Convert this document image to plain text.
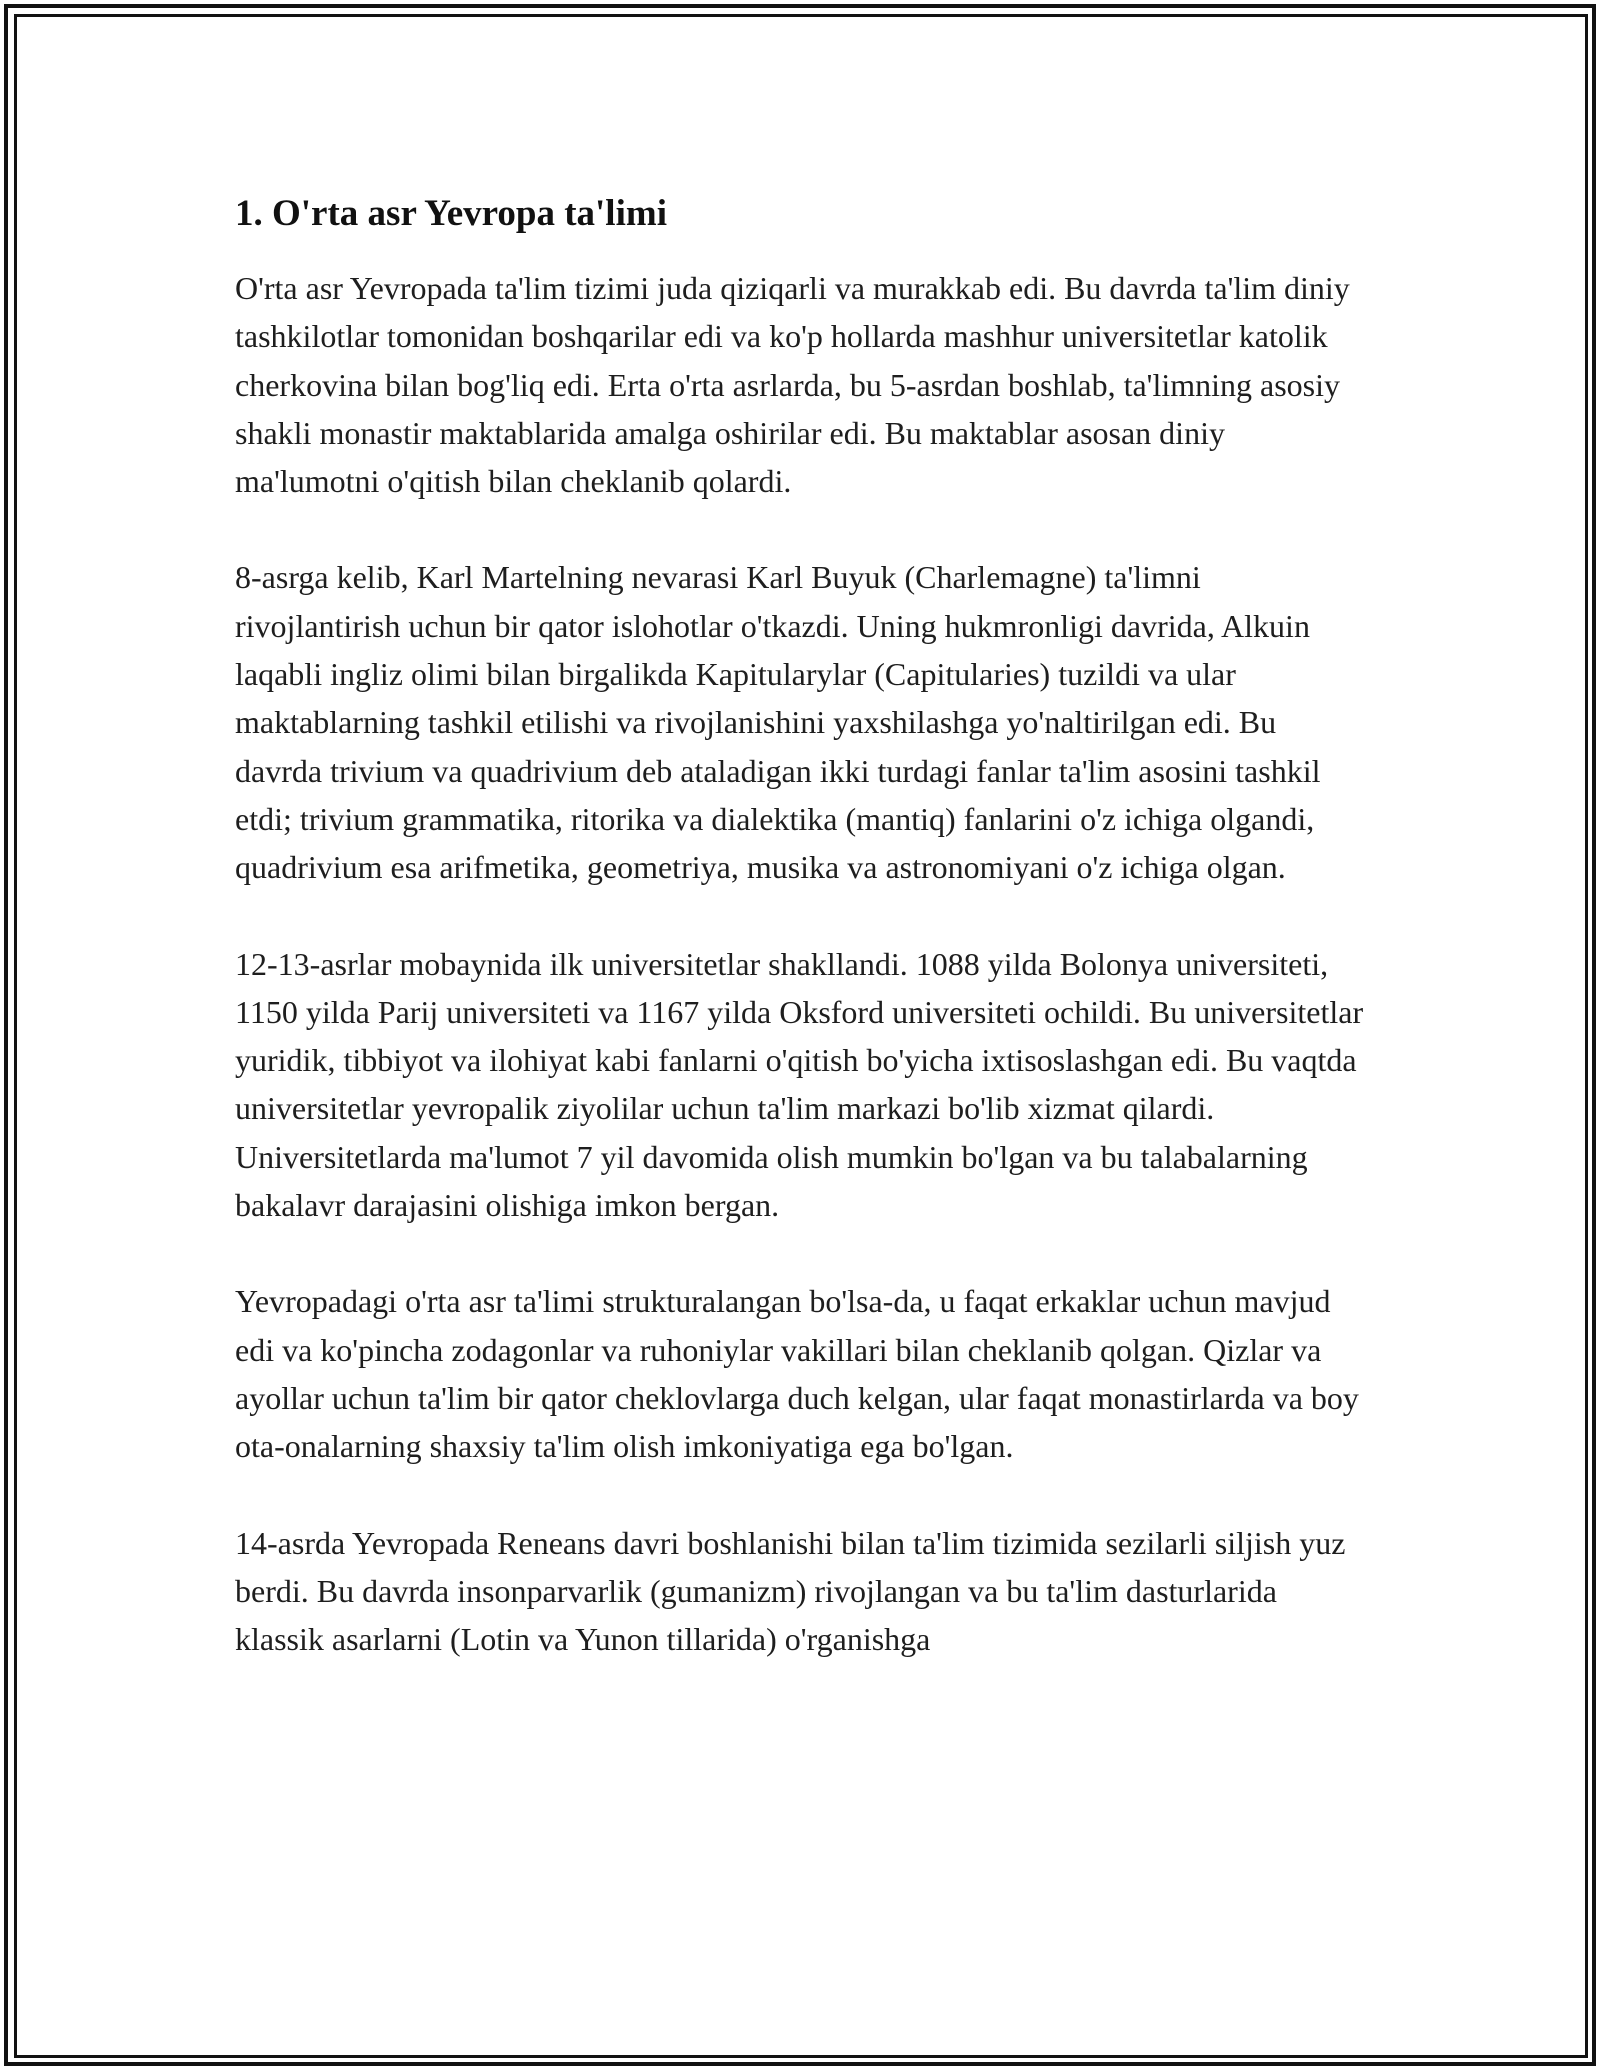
1. O'rta asr Yevropa ta'limi

O'rta asr Yevropada ta'lim tizimi juda qiziqarli va murakkab edi. Bu davrda ta'lim diniy tashkilotlar tomonidan boshqarilar edi va ko'p hollarda mashhur universitetlar katolik cherkovina bilan bog'liq edi. Erta o'rta asrlarda, bu 5-asrdan boshlab, ta'limning asosiy shakli monastir maktablarida amalga oshirilar edi. Bu maktablar asosan diniy ma'lumotni o'qitish bilan cheklanib qolardi.

8-asrga kelib, Karl Martelning nevarasi Karl Buyuk (Charlemagne) ta'limni rivojlantirish uchun bir qator islohotlar o'tkazdi. Uning hukmronligi davrida, Alkuin laqabli ingliz olimi bilan birgalikda Kapitularylar (Capitularies) tuzildi va ular maktablarning tashkil etilishi va rivojlanishini yaxshilashga yo'naltirilgan edi. Bu davrda trivium va quadrivium deb ataladigan ikki turdagi fanlar ta'lim asosini tashkil etdi; trivium grammatika, ritorika va dialektika (mantiq) fanlarini o'z ichiga olgandi, quadrivium esa arifmetika, geometriya, musika va astronomiyani o'z ichiga olgan.

12-13-asrlar mobaynida ilk universitetlar shakllandi. 1088 yilda Bolonya universiteti, 1150 yilda Parij universiteti va 1167 yilda Oksford universiteti ochildi. Bu universitetlar yuridik, tibbiyot va ilohiyat kabi fanlarni o'qitish bo'yicha ixtisoslashgan edi. Bu vaqtda universitetlar yevropalik ziyolilar uchun ta'lim markazi bo'lib xizmat qilardi. Universitetlarda ma'lumot 7 yil davomida olish mumkin bo'lgan va bu talabalarning bakalavr darajasini olishiga imkon bergan.

Yevropadagi o'rta asr ta'limi strukturalangan bo'lsa-da, u faqat erkaklar uchun mavjud edi va ko'pincha zodagonlar va ruhoniylar vakillari bilan cheklanib qolgan. Qizlar va ayollar uchun ta'lim bir qator cheklovlarga duch kelgan, ular faqat monastirlarda va boy ota-onalarning shaxsiy ta'lim olish imkoniyatiga ega bo'lgan.

14-asrda Yevropada Reneans davri boshlanishi bilan ta'lim tizimida sezilarli siljish yuz berdi. Bu davrda insonparvarlik (gumanizm) rivojlangan va bu ta'lim dasturlarida klassik asarlarni (Lotin va Yunon tillarida) o'rganishga
